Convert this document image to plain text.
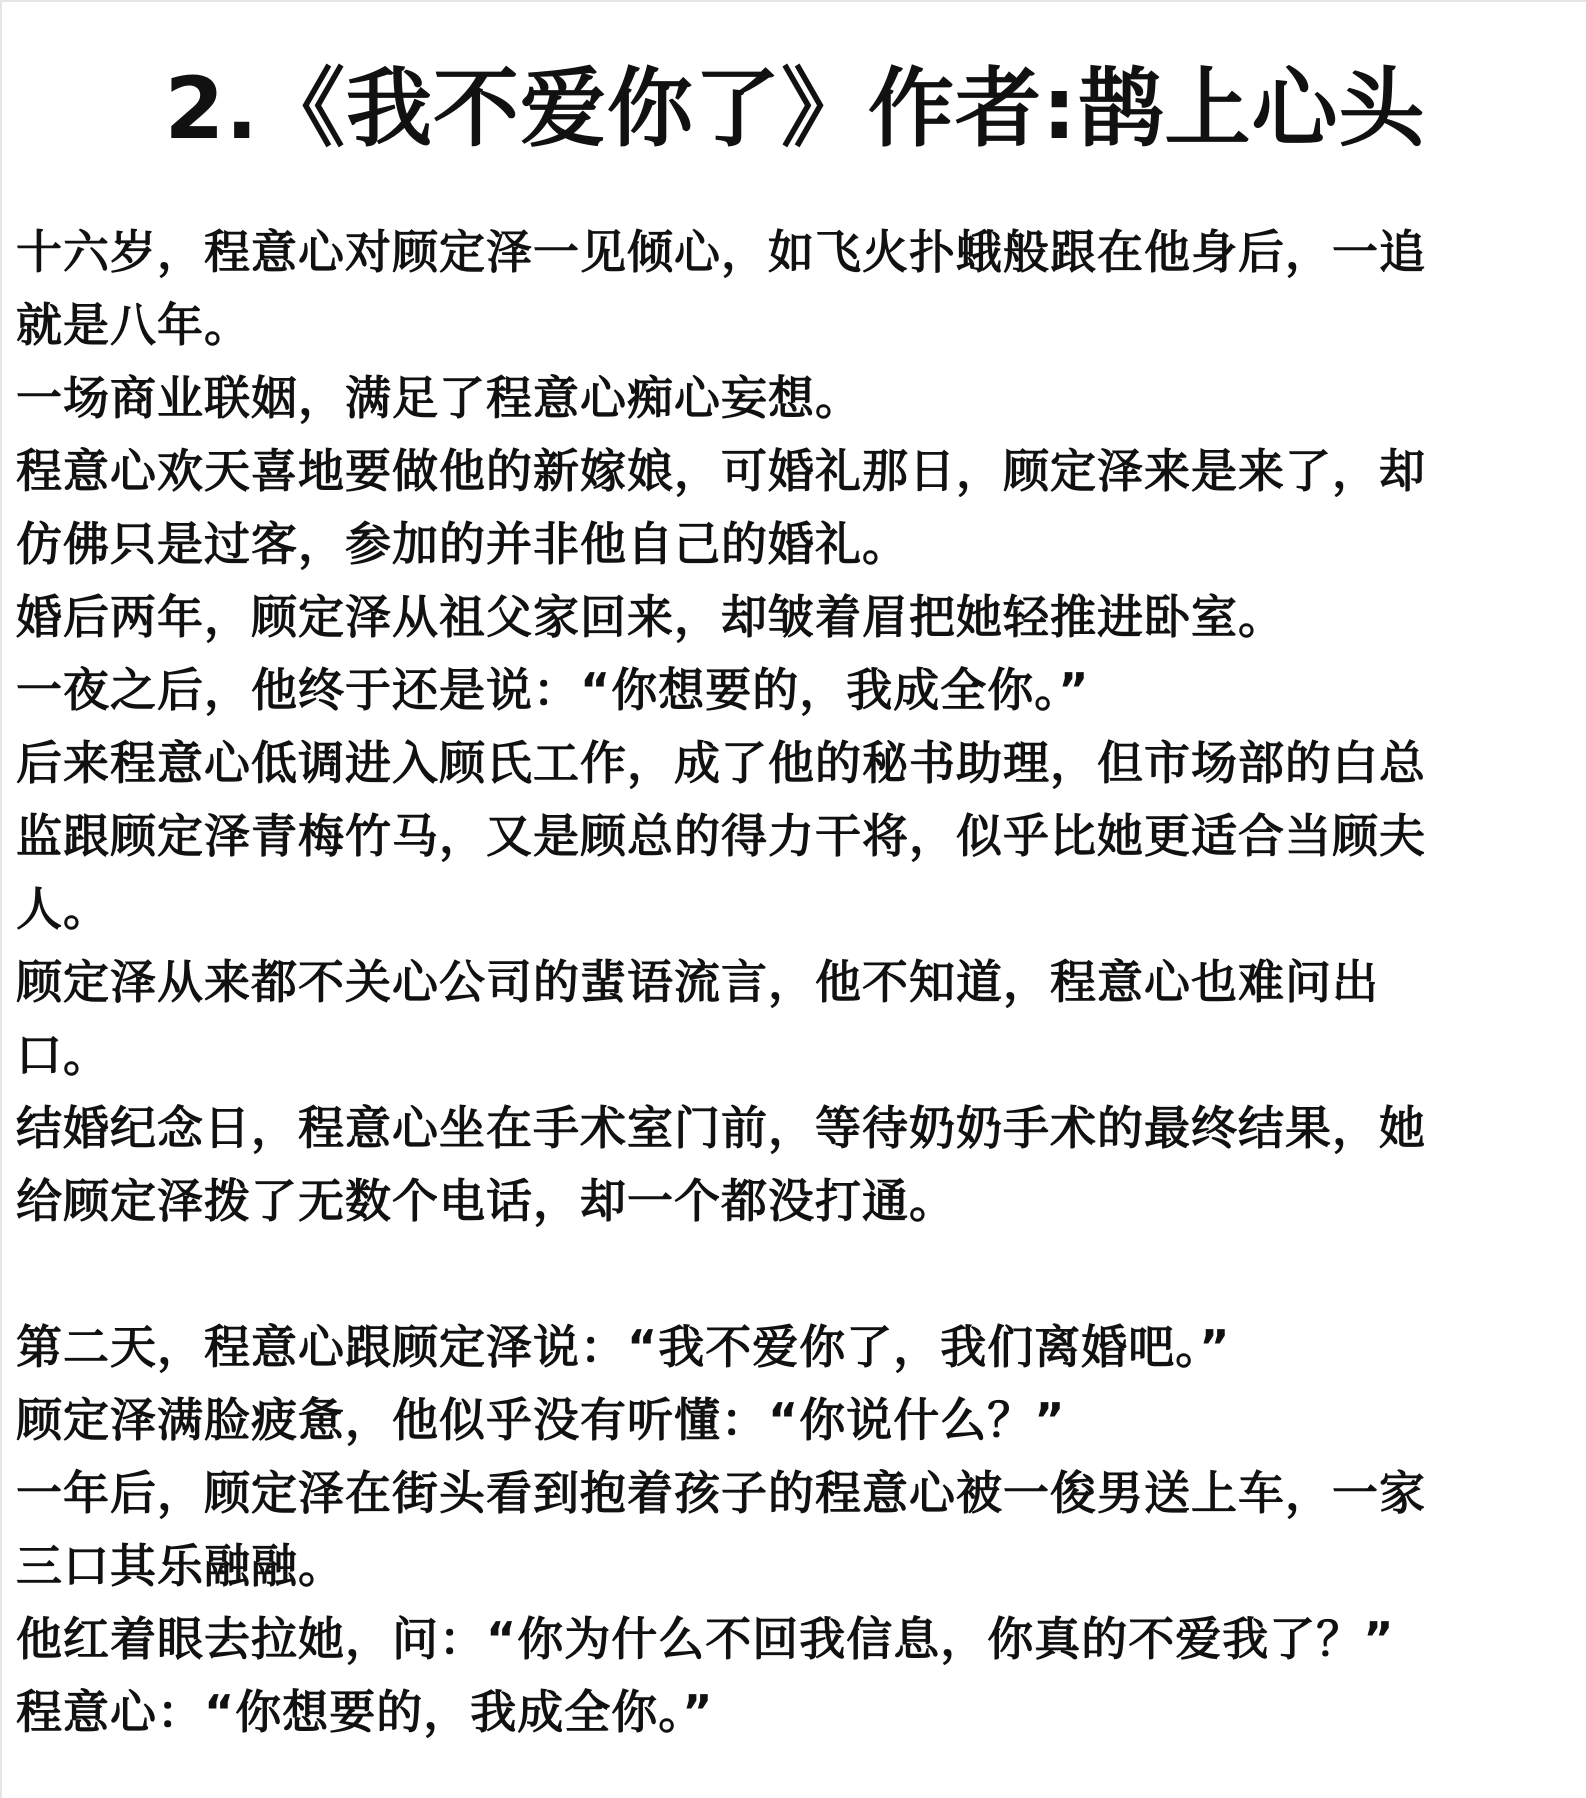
2.《我不爱你了》作者:鹊上心头
十六岁，程意心对顾定泽一见倾心，如飞火扑蛾般跟在他身后，一追
就是八年。
一场商业联姻，满足了程意心痴心妄想。
程意心欢天喜地要做他的新嫁娘，可婚礼那日，顾定泽来是来了，却
仿佛只是过客，参加的并非他自己的婚礼。
婚后两年，顾定泽从祖父家回来，却皱着眉把她轻推进卧室。
一夜之后，他终于还是说：“你想要的，我成全你。”
后来程意心低调进入顾氏工作，成了他的秘书助理，但市场部的白总
监跟顾定泽青梅竹马，又是顾总的得力干将，似乎比她更适合当顾夫
人。
顾定泽从来都不关心公司的蜚语流言，他不知道，程意心也难问出
口。
结婚纪念日，程意心坐在手术室门前，等待奶奶手术的最终结果，她
给顾定泽拨了无数个电话，却一个都没打通。
第二天，程意心跟顾定泽说：“我不爱你了，我们离婚吧。”
顾定泽满脸疲惫，他似乎没有听懂：“你说什么？”
一年后，顾定泽在街头看到抱着孩子的程意心被一俊男送上车，一家
三口其乐融融。
他红着眼去拉她，问：“你为什么不回我信息，你真的不爱我了？”
程意心：“你想要的，我成全你。”
